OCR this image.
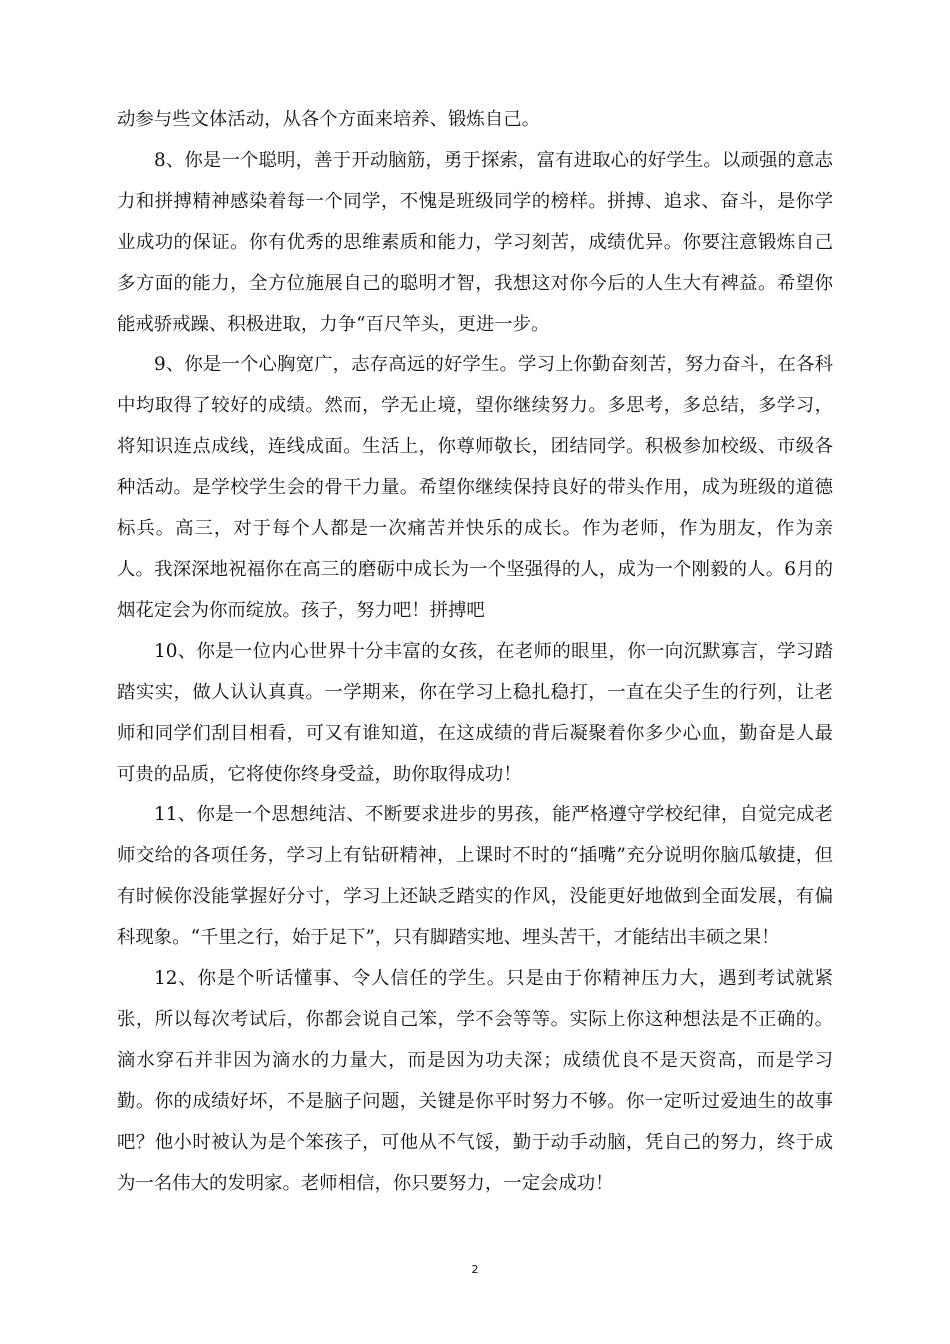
动参与些文体活动，从各个方面来培养、锻炼自己。

8、你是一个聪明，善于开动脑筋，勇于探索，富有进取心的好学生。以顽强的意志力和拼搏精神感染着每一个同学，不愧是班级同学的榜样。拼搏、追求、奋斗，是你学业成功的保证。你有优秀的思维素质和能力，学习刻苦，成绩优异。你要注意锻炼自己多方面的能力，全方位施展自己的聪明才智，我想这对你今后的人生大有裨益。希望你能戒骄戒躁、积极进取，力争“百尺竿头，更进一步。

9、你是一个心胸宽广，志存高远的好学生。学习上你勤奋刻苦，努力奋斗，在各科中均取得了较好的成绩。然而，学无止境，望你继续努力。多思考，多总结，多学习，将知识连点成线，连线成面。生活上，你尊师敬长，团结同学。积极参加校级、市级各种活动。是学校学生会的骨干力量。希望你继续保持良好的带头作用，成为班级的道德标兵。高三，对于每个人都是一次痛苦并快乐的成长。作为老师，作为朋友，作为亲人。我深深地祝福你在高三的磨砺中成长为一个坚强得的人，成为一个刚毅的人。6月的烟花定会为你而绽放。孩子，努力吧！拼搏吧

10、你是一位内心世界十分丰富的女孩，在老师的眼里，你一向沉默寡言，学习踏踏实实，做人认认真真。一学期来，你在学习上稳扎稳打，一直在尖子生的行列，让老师和同学们刮目相看，可又有谁知道，在这成绩的背后凝聚着你多少心血，勤奋是人最可贵的品质，它将使你终身受益，助你取得成功！

11、你是一个思想纯洁、不断要求进步的男孩，能严格遵守学校纪律，自觉完成老师交给的各项任务，学习上有钻研精神，上课时不时的“插嘴”充分说明你脑瓜敏捷，但有时候你没能掌握好分寸，学习上还缺乏踏实的作风，没能更好地做到全面发展，有偏科现象。“千里之行，始于足下”，只有脚踏实地、埋头苦干，才能结出丰硕之果！

12、你是个听话懂事、令人信任的学生。只是由于你精神压力大，遇到考试就紧张，所以每次考试后，你都会说自己笨，学不会等等。实际上你这种想法是不正确的。滴水穿石并非因为滴水的力量大，而是因为功夫深；成绩优良不是天资高，而是学习勤。你的成绩好坏，不是脑子问题，关键是你平时努力不够。你一定听过爱迪生的故事吧？他小时被认为是个笨孩子，可他从不气馁，勤于动手动脑，凭自己的努力，终于成为一名伟大的发明家。老师相信，你只要努力，一定会成功！

2
